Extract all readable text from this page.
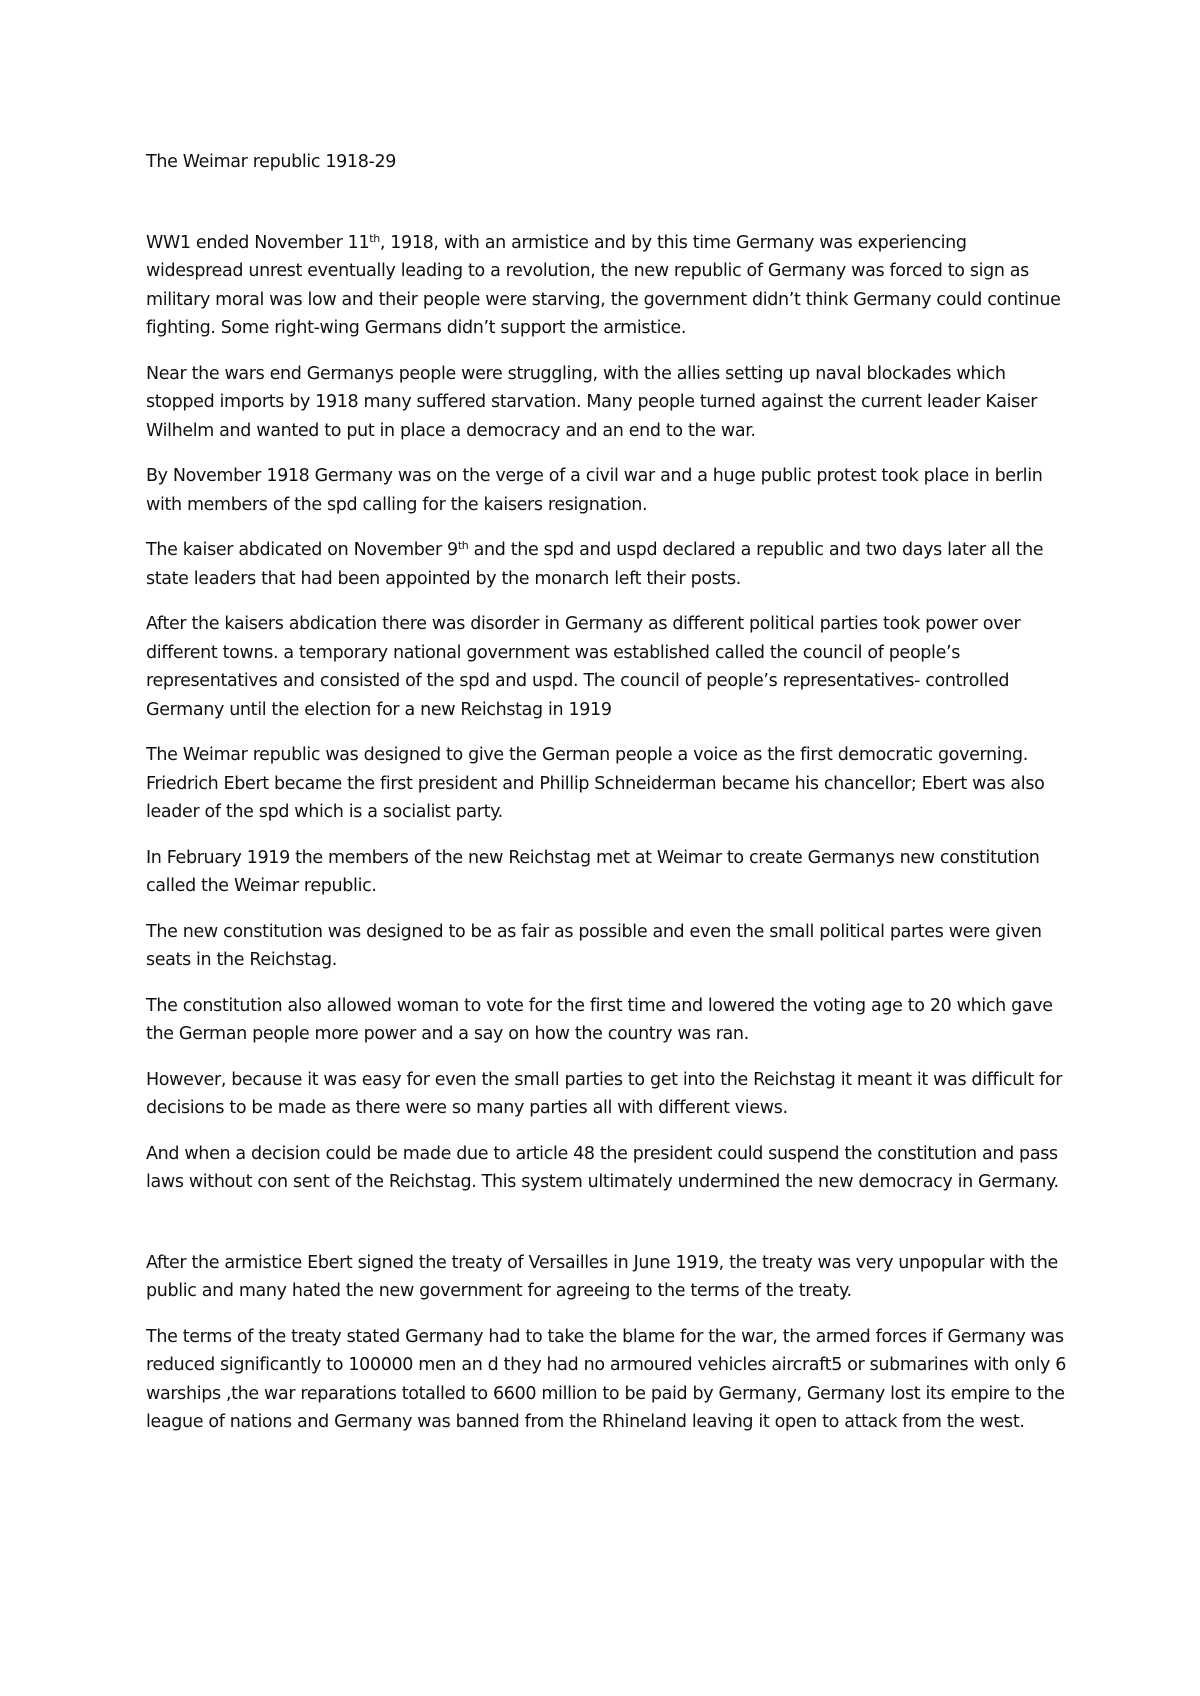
The Weimar republic 1918-29

WW1 ended November 11th, 1918, with an armistice and by this time Germany was experiencing widespread unrest eventually leading to a revolution, the new republic of Germany was forced to sign as military moral was low and their people were starving, the government didn’t think Germany could continue fighting. Some right-wing Germans didn’t support the armistice.

Near the wars end Germanys people were struggling, with the allies setting up naval blockades which stopped imports by 1918 many suffered starvation. Many people turned against the current leader Kaiser Wilhelm and wanted to put in place a democracy and an end to the war.

By November 1918 Germany was on the verge of a civil war and a huge public protest took place in berlin with members of the spd calling for the kaisers resignation.

The kaiser abdicated on November 9th and the spd and uspd declared a republic and two days later all the state leaders that had been appointed by the monarch left their posts.

After the kaisers abdication there was disorder in Germany as different political parties took power over different towns. a temporary national government was established called the council of people’s representatives and consisted of the spd and uspd. The council of people’s representatives- controlled Germany until the election for a new Reichstag in 1919

The Weimar republic was designed to give the German people a voice as the first democratic governing. Friedrich Ebert became the first president and Phillip Schneiderman became his chancellor; Ebert was also leader of the spd which is a socialist party.

In February 1919 the members of the new Reichstag met at Weimar to create Germanys new constitution called the Weimar republic.

The new constitution was designed to be as fair as possible and even the small political partes were given seats in the Reichstag.

The constitution also allowed woman to vote for the first time and lowered the voting age to 20 which gave the German people more power and a say on how the country was ran.

However, because it was easy for even the small parties to get into the Reichstag it meant it was difficult for decisions to be made as there were so many parties all with different views.

And when a decision could be made due to article 48 the president could suspend the constitution and pass laws without con sent of the Reichstag. This system ultimately undermined the new democracy in Germany.

After the armistice Ebert signed the treaty of Versailles in June 1919, the treaty was very unpopular with the public and many hated the new government for agreeing to the terms of the treaty.

The terms of the treaty stated Germany had to take the blame for the war, the armed forces if Germany was reduced significantly to 100000 men an d they had no armoured vehicles aircraft5 or submarines with only 6 warships ,the war reparations totalled to 6600 million to be paid by Germany, Germany lost its empire to the league of nations and Germany was banned from the Rhineland leaving it open to attack from the west.
